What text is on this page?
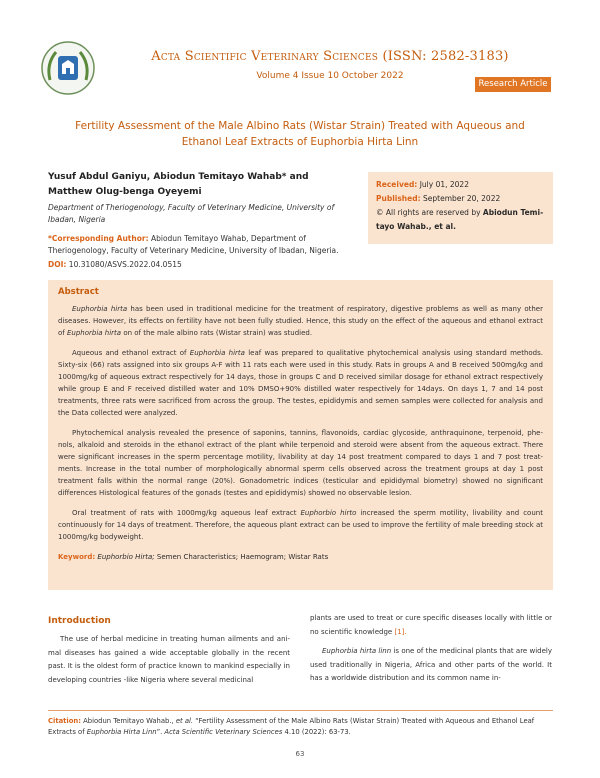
Acta Scientific Veterinary Sciences (ISSN: 2582-3183)
Volume 4 Issue 10 October 2022
Research Article
Fertility Assessment of the Male Albino Rats (Wistar Strain) Treated with Aqueous and Ethanol Leaf Extracts of Euphorbia Hirta Linn
Yusuf Abdul Ganiyu, Abiodun Temitayo Wahab* and Matthew Olug-benga Oyeyemi
Department of Theriogenology, Faculty of Veterinary Medicine, University of Ibadan, Nigeria
*Corresponding Author: Abiodun Temitayo Wahab, Department of Theriogenology, Faculty of Veterinary Medicine, University of Ibadan, Nigeria.
DOI: 10.31080/ASVS.2022.04.0515
Received: July 01, 2022
Published: September 20, 2022
© All rights are reserved by Abiodun Temi-tayo Wahab., et al.
Abstract

Euphorbia hirta has been used in traditional medicine for the treatment of respiratory, digestive problems as well as many other diseases. However, its effects on fertility have not been fully studied. Hence, this study on the effect of the aqueous and ethanol extract of Euphorbia hirta on of the male albino rats (Wistar strain) was studied.

Aqueous and ethanol extract of Euphorbia hirta leaf was prepared to qualitative phytochemical analysis using standard methods. Sixty-six (66) rats assigned into six groups A-F with 11 rats each were used in this study. Rats in groups A and B received 500mg/kg and 1000mg/kg of aqueous extract respectively for 14 days, those in groups C and D received similar dosage for ethanol extract respectively while group E and F received distilled water and 10% DMSO+90% distilled water respectively for 14days. On days 1, 7 and 14 post treatments, three rats were sacrificed from across the group. The testes, epididymis and semen samples were collected for analysis and the Data collected were analyzed.

Phytochemical analysis revealed the presence of saponins, tannins, flavonoids, cardiac glycoside, anthraquinone, terpenoid, phe-nols, alkaloid and steroids in the ethanol extract of the plant while terpenoid and steroid were absent from the aqueous extract. There were significant increases in the sperm percentage motility, livability at day 14 post treatment compared to days 1 and 7 post treat-ments. Increase in the total number of morphologically abnormal sperm cells observed across the treatment groups at day 1 post treatment falls within the normal range (20%). Gonadometric indices (testicular and epididymal biometry) showed no significant differences Histological features of the gonads (testes and epididymis) showed no observable lesion.

Oral treatment of rats with 1000mg/kg aqueous leaf extract Euphorbio hirto increased the sperm motility, livability and count continuously for 14 days of treatment. Therefore, the aqueous plant extract can be used to improve the fertility of male breeding stock at 1000mg/kg bodyweight.

Keyword: Euphorbio Hirta; Semen Characteristics; Haemogram; Wistar Rats
Introduction

The use of herbal medicine in treating human ailments and ani-mal diseases has gained a wide acceptable globally in the recent past. It is the oldest form of practice known to mankind especially in developing countries -like Nigeria where several medicinal

plants are used to treat or cure specific diseases locally with little or no scientific knowledge [1].

Euphorbia hirta linn is one of the medicinal plants that are widely used traditionally in Nigeria, Africa and other parts of the world. It has a worldwide distribution and its common name in-

Citation: Abiodun Temitayo Wahab., et al. “Fertility Assessment of the Male Albino Rats (Wistar Strain) Treated with Aqueous and Ethanol Leaf Extracts of Euphorbia Hirta Linn”. Acta Scientific Veterinary Sciences 4.10 (2022): 63-73.
63
